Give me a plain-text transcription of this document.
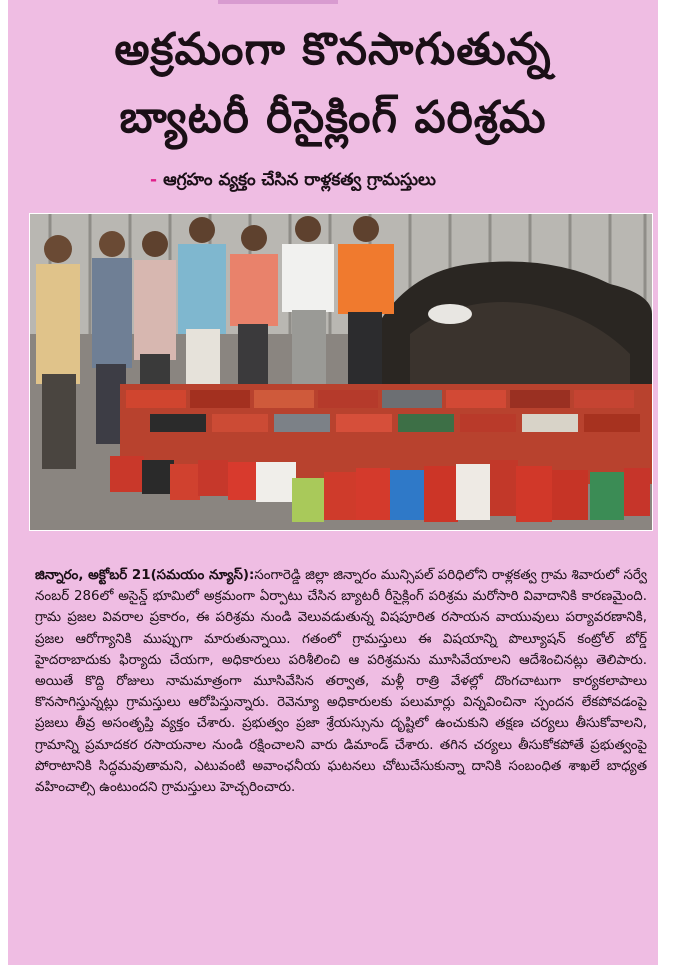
అక్రమంగా కొనసాగుతున్న
బ్యాటరీ రీసైక్లింగ్ పరిశ్రమ
- ఆగ్రహం వ్యక్తం చేసిన రాళ్లకత్వ గ్రామస్తులు
జిన్నారం, అక్టోబర్ 21(సమయం న్యూస్):సంగారెడ్డి జిల్లా జిన్నారం మున్సిపల్ పరిధిలోని రాళ్లకత్వ గ్రామ శివారులో సర్వే నంబర్ 286లో అసైన్డ్ భూమిలో అక్రమంగా ఏర్పాటు చేసిన బ్యాటరీ రీసైక్లింగ్ పరిశ్రమ మరోసారి వివాదానికి కారణమైంది. గ్రామ ప్రజల వివరాల ప్రకారం, ఈ పరిశ్రమ నుండి వెలువడుతున్న విషపూరిత రసాయన వాయువులు పర్యావరణానికి, ప్రజల ఆరోగ్యానికి ముప్పుగా మారుతున్నాయి. గతంలో గ్రామస్తులు ఈ విషయాన్ని పొల్యూషన్ కంట్రోల్ బోర్డ్ హైదరాబాదుకు ఫిర్యాదు చేయగా, అధికారులు పరిశీలించి ఆ పరిశ్రమను మూసివేయాలని ఆదేశించినట్లు తెలిపారు. అయితే కొద్ది రోజులు నామమాత్రంగా మూసివేసిన తర్వాత, మళ్లీ రాత్రి వేళల్లో దొంగచాటుగా కార్యకలాపాలు కొనసాగిస్తున్నట్లు గ్రామస్తులు ఆరోపిస్తున్నారు. రెవెన్యూ అధికారులకు పలుమార్లు విన్నవించినా స్పందన లేకపోవడంపై ప్రజలు తీవ్ర అసంతృప్తి వ్యక్తం చేశారు. ప్రభుత్వం ప్రజా శ్రేయస్సును దృష్టిలో ఉంచుకుని తక్షణ చర్యలు తీసుకోవాలని, గ్రామాన్ని ప్రమాదకర రసాయనాల నుండి రక్షించాలని వారు డిమాండ్ చేశారు. తగిన చర్యలు తీసుకోకపోతే ప్రభుత్వంపై పోరాటానికి సిద్ధమవుతామని, ఎటువంటి అవాంఛనీయ ఘటనలు చోటుచేసుకున్నా దానికి సంబంధిత శాఖలే బాధ్యత వహించాల్సి ఉంటుందని గ్రామస్తులు హెచ్చరించారు.
